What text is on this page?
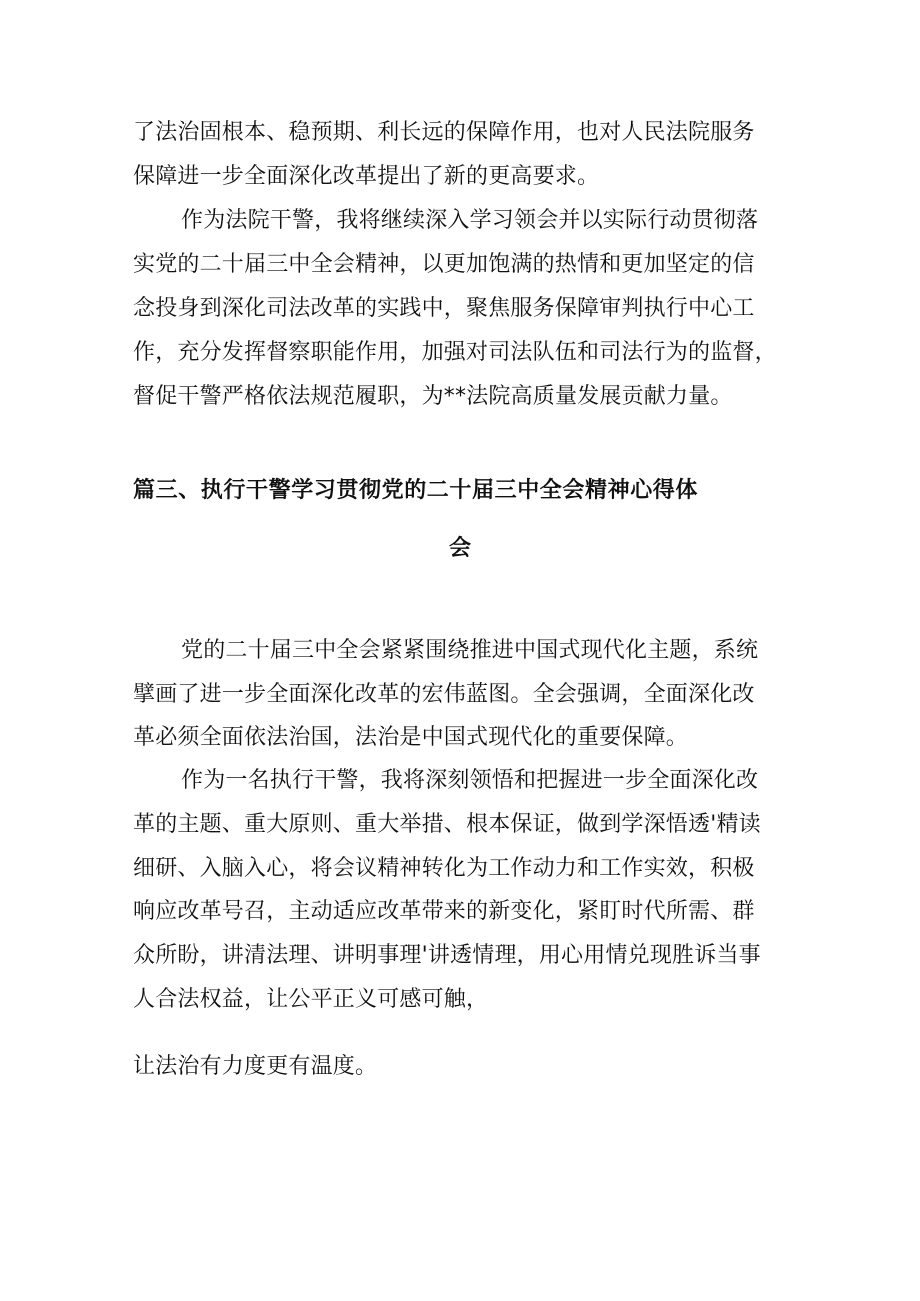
了法治固根本、稳预期、利长远的保障作用，也对人民法院服务
保障进一步全面深化改革提出了新的更高要求。
作为法院干警，我将继续深入学习领会并以实际行动贯彻落
实党的二十届三中全会精神，以更加饱满的热情和更加坚定的信
念投身到深化司法改革的实践中，聚焦服务保障审判执行中心工
作，充分发挥督察职能作用，加强对司法队伍和司法行为的监督，
督促干警严格依法规范履职，为**法院高质量发展贡献力量。
篇三、执行干警学习贯彻党的二十届三中全会精神心得体
会
党的二十届三中全会紧紧围绕推进中国式现代化主题，系统
擘画了进一步全面深化改革的宏伟蓝图。全会强调，全面深化改
革必须全面依法治国，法治是中国式现代化的重要保障。
作为一名执行干警，我将深刻领悟和把握进一步全面深化改
革的主题、重大原则、重大举措、根本保证，做到学深悟透'精读
细研、入脑入心，将会议精神转化为工作动力和工作实效，积极
响应改革号召，主动适应改革带来的新变化，紧盯时代所需、群
众所盼，讲清法理、讲明事理'讲透情理，用心用情兑现胜诉当事
人合法权益，让公平正义可感可触，
让法治有力度更有温度。
